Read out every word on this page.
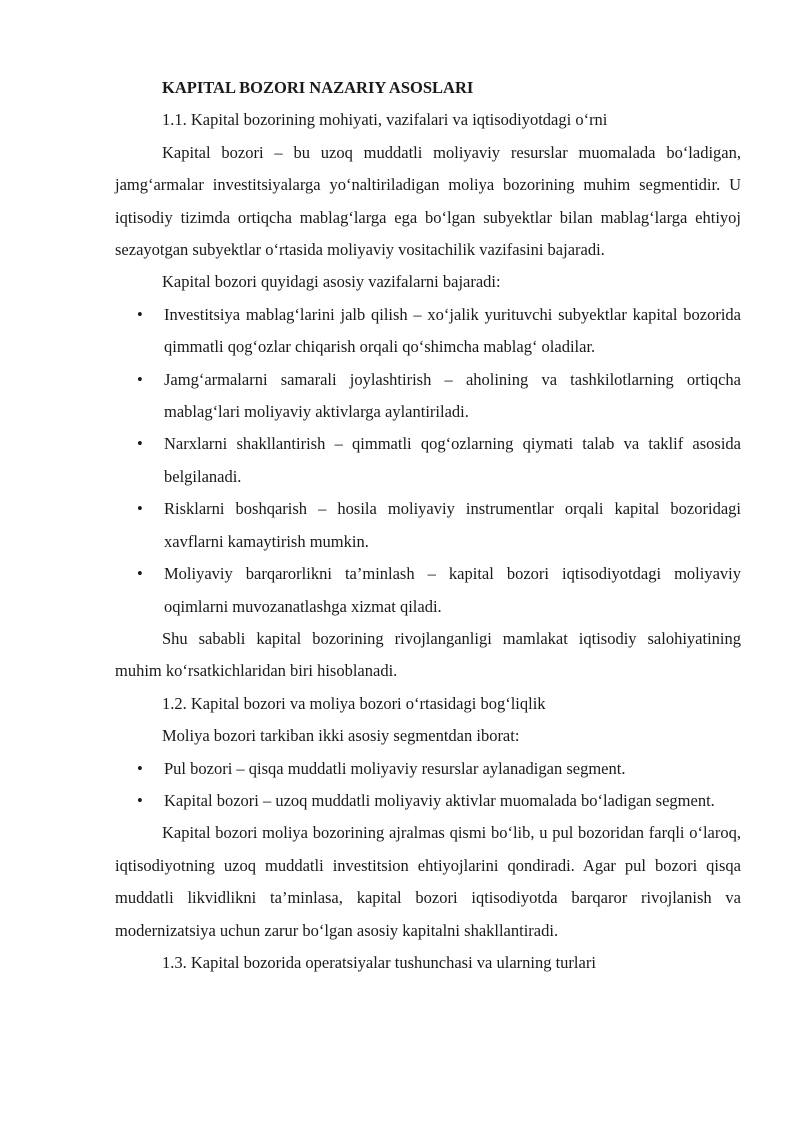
KAPITAL BOZORI NAZARIY ASOSLARI

1.1. Kapital bozorining mohiyati, vazifalari va iqtisodiyotdagi o‘rni

Kapital bozori – bu uzoq muddatli moliyaviy resurslar muomalada bo‘ladigan, jamg‘armalar investitsiyalarga yo‘naltiriladigan moliya bozorining muhim segmentidir. U iqtisodiy tizimda ortiqcha mablag‘larga ega bo‘lgan subyektlar bilan mablag‘larga ehtiyoj sezayotgan subyektlar o‘rtasida moliyaviy vositachilik vazifasini bajaradi.

Kapital bozori quyidagi asosiy vazifalarni bajaradi:

• Investitsiya mablag‘larini jalb qilish – xo‘jalik yurituvchi subyektlar kapital bozorida qimmatli qog‘ozlar chiqarish orqali qo‘shimcha mablag‘ oladilar.
• Jamg‘armalarni samarali joylashtirish – aholining va tashkilotlarning ortiqcha mablag‘lari moliyaviy aktivlarga aylantiriladi.
• Narxlarni shakllantirish – qimmatli qog‘ozlarning qiymati talab va taklif asosida belgilanadi.
• Risklarni boshqarish – hosila moliyaviy instrumentlar orqali kapital bozoridagi xavflarni kamaytirish mumkin.
• Moliyaviy barqarorlikni ta’minlash – kapital bozori iqtisodiyotdagi moliyaviy oqimlarni muvozanatlashga xizmat qiladi.

Shu sababli kapital bozorining rivojlanganligi mamlakat iqtisodiy salohiyatining muhim ko‘rsatkichlaridan biri hisoblanadi.

1.2. Kapital bozori va moliya bozori o‘rtasidagi bog‘liqlik

Moliya bozori tarkiban ikki asosiy segmentdan iborat:

• Pul bozori – qisqa muddatli moliyaviy resurslar aylanadigan segment.
• Kapital bozori – uzoq muddatli moliyaviy aktivlar muomalada bo‘ladigan segment.

Kapital bozori moliya bozorining ajralmas qismi bo‘lib, u pul bozoridan farqli o‘laroq, iqtisodiyotning uzoq muddatli investitsion ehtiyojlarini qondiradi. Agar pul bozori qisqa muddatli likvidlikni ta’minlasa, kapital bozori iqtisodiyotda barqaror rivojlanish va modernizatsiya uchun zarur bo‘lgan asosiy kapitalni shakllantiradi.

1.3. Kapital bozorida operatsiyalar tushunchasi va ularning turlari
